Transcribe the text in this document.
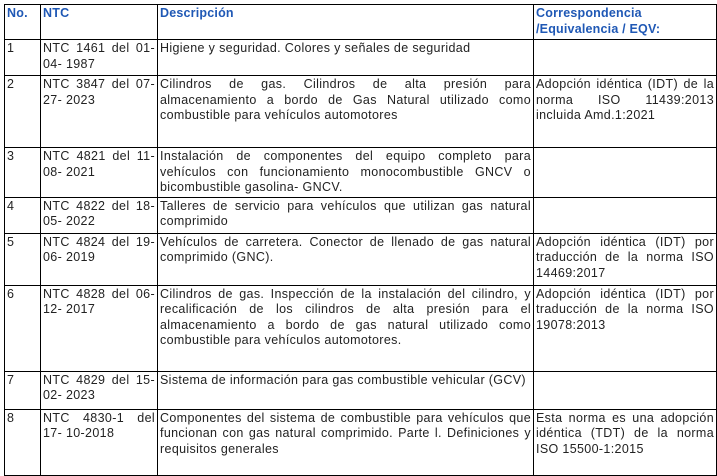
No.	NTC	Descripción	Correspondencia /Equivalencia / EQV:
1	NTC 1461 del 01-04- 1987	Higiene y seguridad. Colores y señales de seguridad	
2	NTC 3847 del 07-27- 2023	Cilindros de gas. Cilindros de alta presión para almacenamiento a bordo de Gas Natural utilizado como combustible para vehículos automotores	Adopción idéntica (IDT) de la norma ISO 11439:2013 incluida Amd.1:2021
3	NTC 4821 del 11-08- 2021	Instalación de componentes del equipo completo para vehículos con funcionamiento monocombustible GNCV o bicombustible gasolina- GNCV.	
4	NTC 4822 del 18-05- 2022	Talleres de servicio para vehículos que utilizan gas natural comprimido	
5	NTC 4824 del 19-06- 2019	Vehículos de carretera. Conector de llenado de gas natural comprimido (GNC).	Adopción idéntica (IDT) por traducción de la norma ISO 14469:2017
6	NTC 4828 del 06-12- 2017	Cilindros de gas. Inspección de la instalación del cilindro, y recalificación de los cilindros de alta presión para el almacenamiento a bordo de gas natural utilizado como combustible para vehículos automotores.	Adopción idéntica (IDT) por traducción de la norma ISO 19078:2013
7	NTC 4829 del 15-02- 2023	Sistema de información para gas combustible vehicular (GCV)	
8	NTC 4830-1 del 17- 10-2018	Componentes del sistema de combustible para vehículos que funcionan con gas natural comprimido. Parte l. Definiciones y requisitos generales	Esta norma es una adopción idéntica (TDT) de la norma ISO 15500-1:2015
